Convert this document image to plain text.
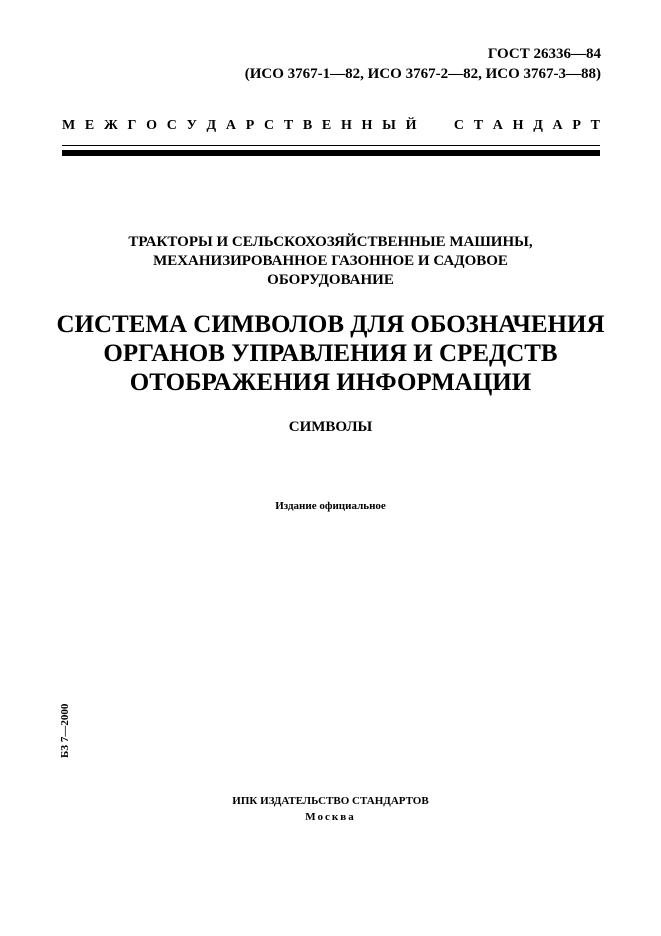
ГОСТ 26336—84
(ИСО 3767-1—82, ИСО 3767-2—82, ИСО 3767-3—88)
М Е Ж Г О С У Д А Р С Т В Е Н Н Ы Й	С Т А Н Д А Р Т
ТРАКТОРЫ И СЕЛЬСКОХОЗЯЙСТВЕННЫЕ МАШИНЫ,
МЕХАНИЗИРОВАННОЕ ГАЗОННОЕ И САДОВОЕ
ОБОРУДОВАНИЕ
СИСТЕМА СИМВОЛОВ ДЛЯ ОБОЗНАЧЕНИЯ
ОРГАНОВ УПРАВЛЕНИЯ И СРЕДСТВ
ОТОБРАЖЕНИЯ ИНФОРМАЦИИ
СИМВОЛЫ
Издание официальное
БЗ 7—2000
ИПК ИЗДАТЕЛЬСТВО СТАНДАРТОВ
Москва
